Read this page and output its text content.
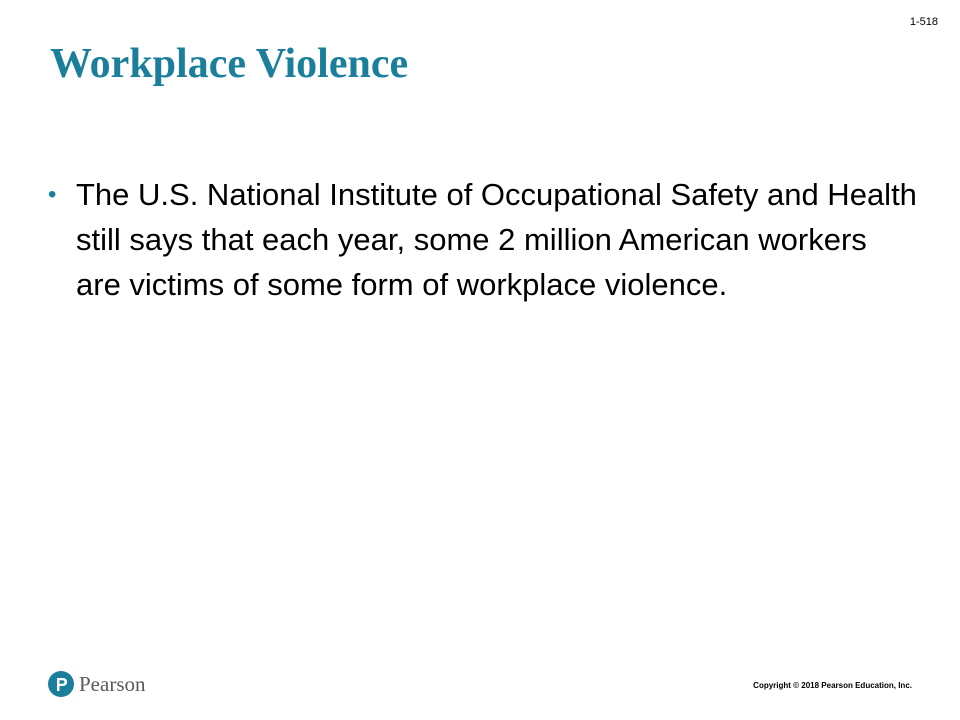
1-518
Workplace Violence
• The U.S. National Institute of Occupational Safety and Health still says that each year, some 2 million American workers are victims of some form of workplace violence.
Pearson	Copyright © 2018 Pearson Education, Inc.
